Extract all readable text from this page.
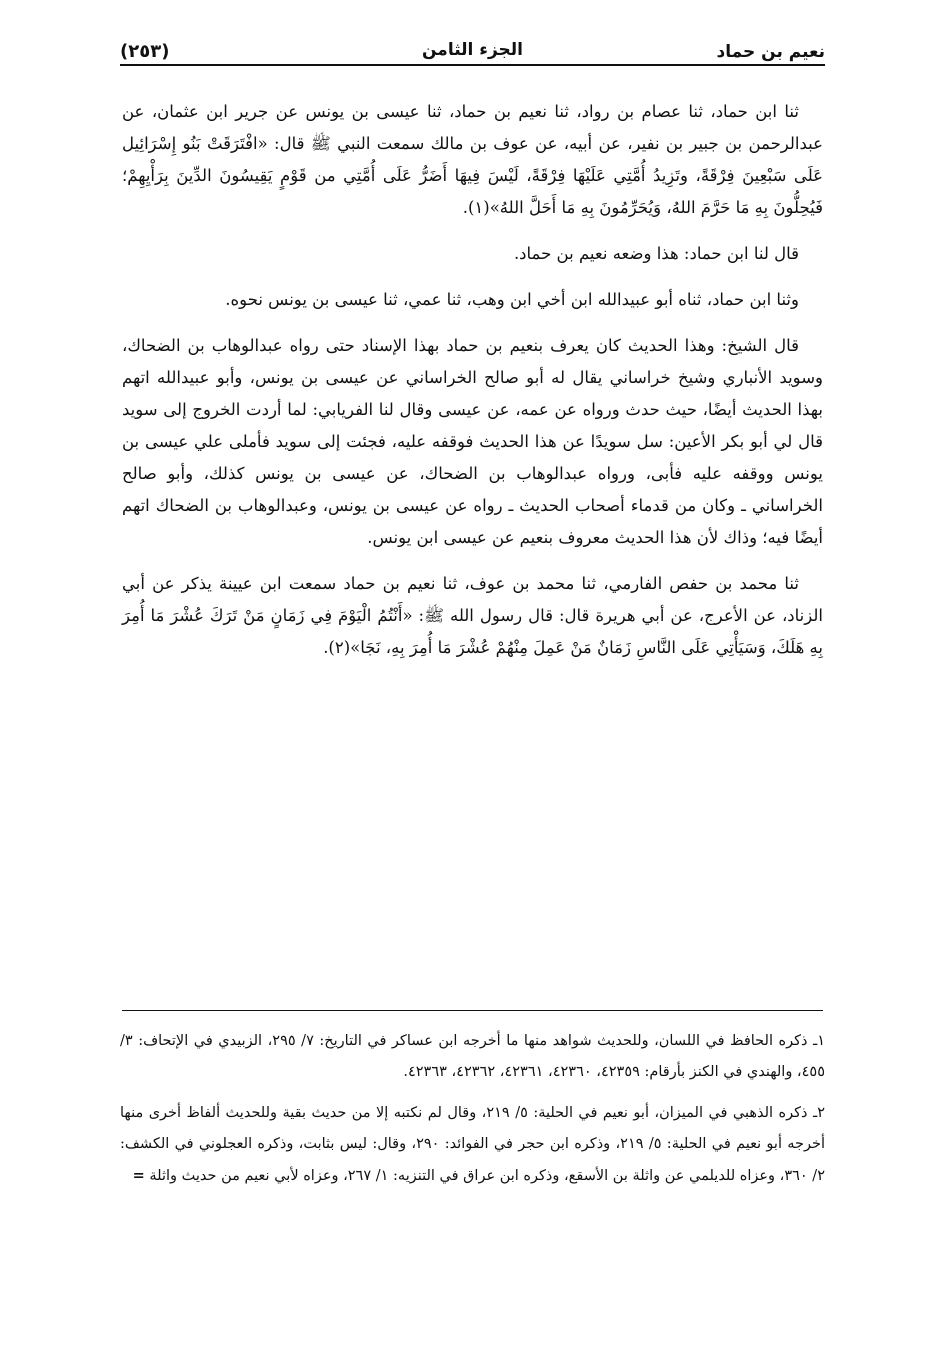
نعيم بن حماد
الجزء الثامن
(٢٥٣)

ثنا ابن حماد، ثنا عصام بن رواد، ثنا نعيم بن حماد، ثنا عيسى بن يونس عن جرير ابن عثمان، عن عبدالرحمن بن جبير بن نفير، عن أبيه، عن عوف بن مالك سمعت النبي ﷺ قال: «افْتَرَقَتْ بَنُو إِسْرَائِيل عَلَى سَبْعِينَ فِرْقَةً، وتَزِيدُ أُمَّتِي عَلَيْهَا فِرْقَةً، لَيْسَ فِيهَا أَضَرُّ عَلَى أُمَّتِي من قَوْمٍ يَقِيسُونَ الدِّينَ بِرَأْيِهِمْ؛ فَيُحِلُّونَ بِهِ مَا حَرَّمَ اللهُ، وَيُحَرِّمُونَ بِهِ مَا أَحَلَّ اللهُ»(١).

قال لنا ابن حماد: هذا وضعه نعيم بن حماد.

وثنا ابن حماد، ثناه أبو عبيدالله ابن أخي ابن وهب، ثنا عمي، ثنا عيسى بن يونس نحوه.

قال الشيخ: وهذا الحديث كان يعرف بنعيم بن حماد بهذا الإسناد حتى رواه عبدالوهاب بن الضحاك، وسويد الأنباري وشيخ خراساني يقال له أبو صالح الخراساني عن عيسى بن يونس، وأبو عبيدالله اتهم بهذا الحديث أيضًا، حيث حدث ورواه عن عمه، عن عيسى وقال لنا الفريابي: لما أردت الخروج إلى سويد قال لي أبو بكر الأعين: سل سويدًا عن هذا الحديث فوقفه عليه، فجئت إلى سويد فأملى علي عيسى بن يونس ووقفه عليه فأبى، ورواه عبدالوهاب بن الضحاك، عن عيسى بن يونس كذلك، وأبو صالح الخراساني ـ وكان من قدماء أصحاب الحديث ـ رواه عن عيسى بن يونس، وعبدالوهاب بن الضحاك اتهم أيضًا فيه؛ وذاك لأن هذا الحديث معروف بنعيم عن عيسى ابن يونس.

ثنا محمد بن حفص الفارمي، ثنا محمد بن عوف، ثنا نعيم بن حماد سمعت ابن عيينة يذكر عن أبي الزناد، عن الأعرج، عن أبي هريرة قال: قال رسول الله ﷺ: «أَنْتُمُ الْيَوْمَ فِي زَمَانٍ مَنْ تَرَكَ عُشْرَ مَا أُمِرَ بِهِ هَلَكَ، وَسَيَأْتِي عَلَى النَّاسِ زَمَانٌ مَنْ عَمِلَ مِنْهُمْ عُشْرَ مَا أُمِرَ بِهِ، نَجَا»(٢).

١ـ ذكره الحافظ في اللسان، وللحديث شواهد منها ما أخرجه ابن عساكر في التاريخ: ٧/ ٢٩٥، الزبيدي في الإتحاف: ٣/ ٤٥٥، والهندي في الكنز بأرقام: ٤٢٣٥٩، ٤٢٣٦٠، ٤٢٣٦١، ٤٢٣٦٢، ٤٢٣٦٣.
٢ـ ذكره الذهبي في الميزان، أبو نعيم في الحلية: ٥/ ٢١٩، وقال لم نكتبه إلا من حديث بقية وللحديث ألفاظ أخرى منها أخرجه أبو نعيم في الحلية: ٥/ ٢١٩، وذكره ابن حجر في الفوائد: ٢٩٠، وقال: ليس بثابت، وذكره العجلوني في الكشف: ٢/ ٣٦٠، وعزاه للديلمي عن واثلة بن الأسقع، وذكره ابن عراق في التنزيه: ١/ ٢٦٧، وعزاه لأبي نعيم من حديث واثلة =
